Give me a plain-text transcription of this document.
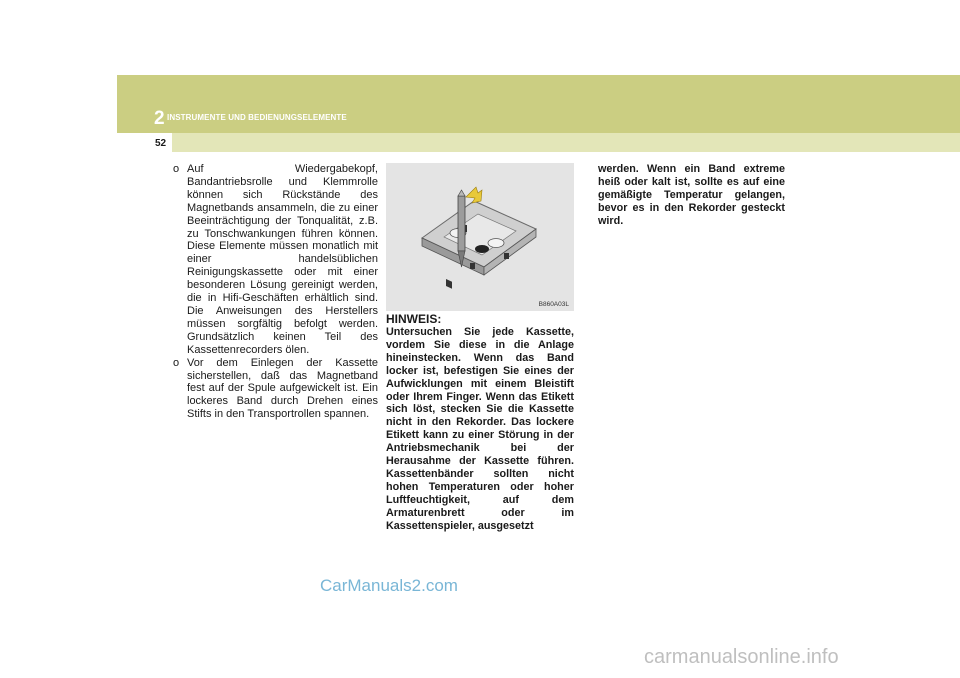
2 INSTRUMENTE UND BEDIENUNGSELEMENTE
52
o Auf Wiedergabekopf, Bandantriebsrolle und Klemmrolle können sich Rückstände des Magnetbands ansammeln, die zu einer Beeinträchtigung der Tonqualität, z.B. zu Tonschwankungen führen können. Diese Elemente müssen monatlich mit einer handelsüblichen Reinigungskassette oder mit einer besonderen Lösung gereinigt werden, die in Hifi-Geschäften erhältlich sind. Die Anweisungen des Herstellers müssen sorgfältig befolgt werden. Grundsätzlich keinen Teil des Kassettenrecorders ölen.
o Vor dem Einlegen der Kassette sicherstellen, daß das Magnetband fest auf der Spule aufgewickelt ist. Ein lockeres Band durch Drehen eines Stifts in den Transportrollen spannen.
B860A03L
HINWEIS:
Untersuchen Sie jede Kassette, vordem Sie diese in die Anlage hineinstecken. Wenn das Band locker ist, befestigen Sie eines der Aufwicklungen mit einem Bleistift oder Ihrem Finger. Wenn das Etikett sich löst, stecken Sie die Kassette nicht in den Rekorder. Das lockere Etikett kann zu einer Störung in der Antriebsmechanik bei der Herausahme der Kassette führen. Kassettenbänder sollten nicht hohen Temperaturen oder hoher Luftfeuchtigkeit, auf dem Armaturenbrett oder im Kassettenspieler, ausgesetzt
werden. Wenn ein Band extreme heiß oder kalt ist, sollte es auf eine gemäßigte Temperatur gelangen, bevor es in den Rekorder gesteckt wird.
CarManuals2.com
carmanualsonline.info
